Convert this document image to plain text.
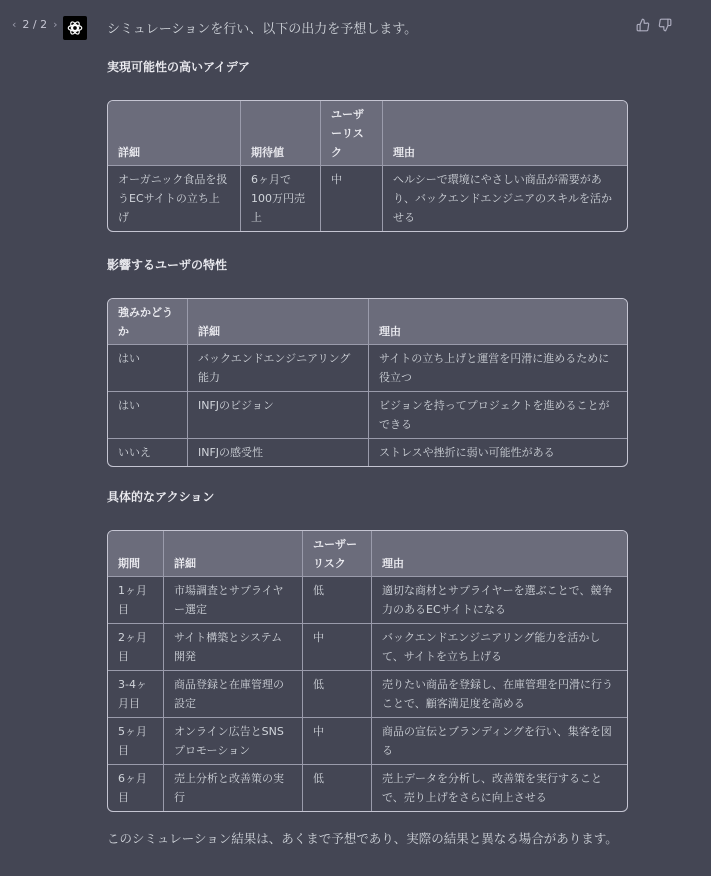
‹ 2 / 2 ›	シミュレーションを行い、以下の出力を予想します。
実現可能性の高いアイデア
詳細	期待値	ユーザーリスク	理由
オーガニック食品を扱うECサイトの立ち上げ	6ヶ月で100万円売上	中	ヘルシーで環境にやさしい商品が需要があり、バックエンドエンジニアのスキルを活かせる
影響するユーザの特性
強みかどうか	詳細	理由
はい	バックエンドエンジニアリング能力	サイトの立ち上げと運営を円滑に進めるために役立つ
はい	INFJのビジョン	ビジョンを持ってプロジェクトを進めることができる
いいえ	INFJの感受性	ストレスや挫折に弱い可能性がある
具体的なアクション
期間	詳細	ユーザーリスク	理由
1ヶ月目	市場調査とサプライヤー選定	低	適切な商材とサプライヤーを選ぶことで、競争力のあるECサイトになる
2ヶ月目	サイト構築とシステム開発	中	バックエンドエンジニアリング能力を活かして、サイトを立ち上げる
3-4ヶ月目	商品登録と在庫管理の設定	低	売りたい商品を登録し、在庫管理を円滑に行うことで、顧客満足度を高める
5ヶ月目	オンライン広告とSNSプロモーション	中	商品の宣伝とブランディングを行い、集客を図る
6ヶ月目	売上分析と改善策の実行	低	売上データを分析し、改善策を実行することで、売り上げをさらに向上させる
このシミュレーション結果は、あくまで予想であり、実際の結果と異なる場合があります。
